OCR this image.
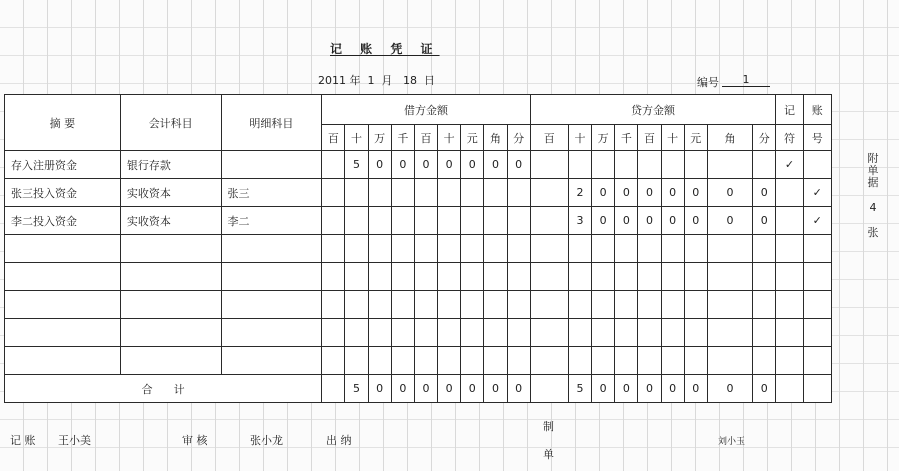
记 账 凭 证
2011 年 1 月 18 日	编号	1
摘 要	会计科目	明细科目	借方金额									贷方金额									记	账
			百	十	万	千	百	十	元	角	分	百	十	万	千	百	十	元	角	分	符	号
存入注册资金	银行存款			5	0	0	0	0	0	0	0										✓	
张三投入资金	实收资本	张三											2	0	0	0	0	0	0	0		✓
李二投入资金	实收资本	李二											3	0	0	0	0	0	0	0		✓

合      计				5	0	0	0	0	0	0	0		5	0	0	0	0	0	0	0		
记 账 王小美	审 核	张小龙	出 纳
制
单
刘小玉
附
单
据
4
张
